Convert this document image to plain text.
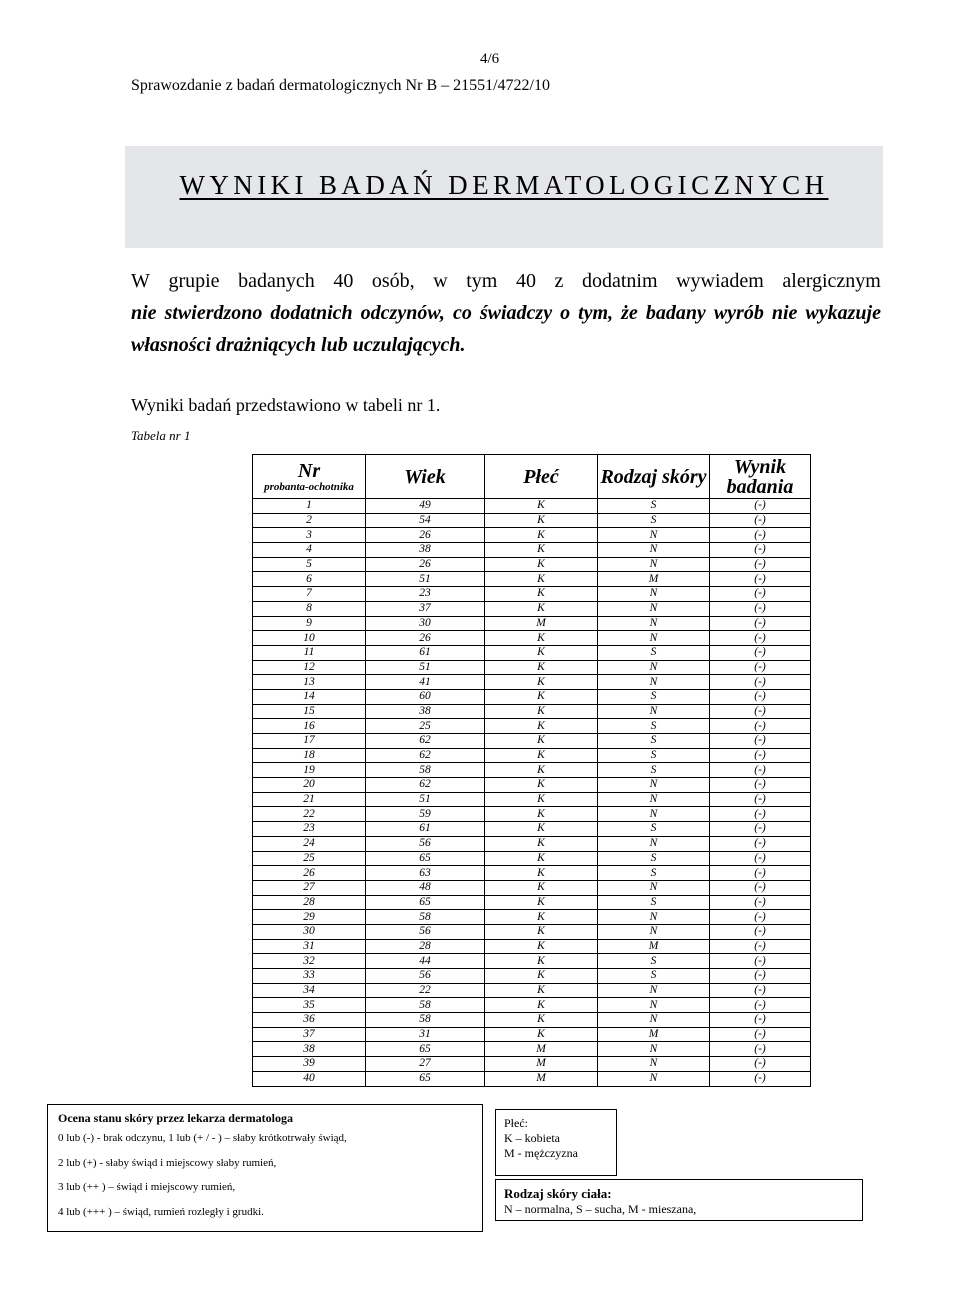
4/6
Sprawozdanie z badań dermatologicznych Nr B – 21551/4722/10
WYNIKI BADAŃ DERMATOLOGICZNYCH
W grupie badanych 40 osób, w tym 40 z dodatnim wywiadem alergicznym
nie stwierdzono dodatnich odczynów, co świadczy o tym, że badany wyrób nie wykazuje
własności drażniących lub uczulających.
Wyniki badań przedstawiono w tabeli nr 1.
Tabela nr 1
Nr
probanta-ochotnika	Wiek	Płeć	Rodzaj skóry	Wynik badania
1	49	K	S	(-)
2	54	K	S	(-)
3	26	K	N	(-)
4	38	K	N	(-)
5	26	K	N	(-)
6	51	K	M	(-)
7	23	K	N	(-)
8	37	K	N	(-)
9	30	M	N	(-)
10	26	K	N	(-)
11	61	K	S	(-)
12	51	K	N	(-)
13	41	K	N	(-)
14	60	K	S	(-)
15	38	K	N	(-)
16	25	K	S	(-)
17	62	K	S	(-)
18	62	K	S	(-)
19	58	K	S	(-)
20	62	K	N	(-)
21	51	K	N	(-)
22	59	K	N	(-)
23	61	K	S	(-)
24	56	K	N	(-)
25	65	K	S	(-)
26	63	K	S	(-)
27	48	K	N	(-)
28	65	K	S	(-)
29	58	K	N	(-)
30	56	K	N	(-)
31	28	K	M	(-)
32	44	K	S	(-)
33	56	K	S	(-)
34	22	K	N	(-)
35	58	K	N	(-)
36	58	K	N	(-)
37	31	K	M	(-)
38	65	M	N	(-)
39	27	M	N	(-)
40	65	M	N	(-)
Ocena stanu skóry przez lekarza dermatologa
0 lub (-) - brak odczynu, 1 lub (+ / - ) – słaby krótkotrwały świąd,
2 lub (+) - słaby świąd i miejscowy słaby rumień,
3 lub (++ ) – świąd i miejscowy rumień,
4 lub (+++ ) – świąd, rumień rozległy i grudki.
Płeć:
K – kobieta
M - mężczyzna
Rodzaj skóry ciała:
N – normalna, S – sucha, M - mieszana,
